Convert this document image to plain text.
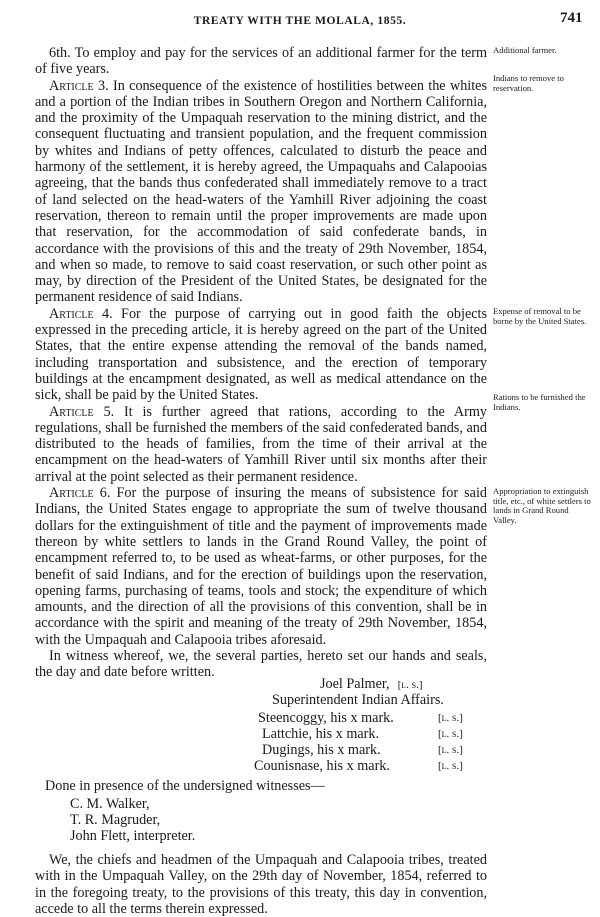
TREATY WITH THE MOLALA, 1855.	741
Additional farmer.
Indians to remove to reservation.
Expense of removal to be borne by the United States.
Rations to be furnished the Indians.
Appropriation to extinguish title, etc., of white settlers to lands in Grand Round Valley.

6th. To employ and pay for the services of an additional farmer for the term of five years.

Article 3. In consequence of the existence of hostilities between the whites and a portion of the Indian tribes in Southern Oregon and Northern California, and the proximity of the Umpaquah reservation to the mining district, and the consequent fluctuating and transient population, and the frequent commission by whites and Indians of petty offences, calculated to disturb the peace and harmony of the settlement, it is hereby agreed, the Umpaquahs and Calapooias agreeing, that the bands thus confederated shall immediately remove to a tract of land selected on the head-waters of the Yamhill River adjoining the coast reservation, thereon to remain until the proper improvements are made upon that reservation, for the accommodation of said confederate bands, in accordance with the provisions of this and the treaty of 29th November, 1854, and when so made, to remove to said coast reservation, or such other point as may, by direction of the President of the United States, be designated for the permanent residence of said Indians.

Article 4. For the purpose of carrying out in good faith the objects expressed in the preceding article, it is hereby agreed on the part of the United States, that the entire expense attending the removal of the bands named, including transportation and subsistence, and the erection of temporary buildings at the encampment designated, as well as medical attendance on the sick, shall be paid by the United States.

Article 5. It is further agreed that rations, according to the Army regulations, shall be furnished the members of the said confederated bands, and distributed to the heads of families, from the time of their arrival at the encampment on the head-waters of Yamhill River until six months after their arrival at the point selected as their permanent residence.

Article 6. For the purpose of insuring the means of subsistence for said Indians, the United States engage to appropriate the sum of twelve thousand dollars for the extinguishment of title and the payment of improvements made thereon by white settlers to lands in the Grand Round Valley, the point of encampment referred to, to be used as wheat-farms, or other purposes, for the benefit of said Indians, and for the erection of buildings upon the reservation, opening farms, purchasing of teams, tools and stock; the expenditure of which amounts, and the direction of all the provisions of this convention, shall be in accordance with the spirit and meaning of the treaty of 29th November, 1854, with the Umpaquah and Calapooia tribes aforesaid.

In witness whereof, we, the several parties, hereto set our hands and seals, the day and date before written.

Joel Palmer, [l. s.]
Superintendent Indian Affairs.
Steencoggy, his x mark.	[l. s.]
Lattchie, his x mark.	[l. s.]
Dugings, his x mark.	[l. s.]
Counisnase, his x mark.	[l. s.]
Done in presence of the undersigned witnesses—
C. M. Walker,
T. R. Magruder,
John Flett, interpreter.

We, the chiefs and headmen of the Umpaquah and Calapooia tribes, treated with in the Umpaquah Valley, on the 29th day of November, 1854, referred to in the foregoing treaty, to the provisions of this treaty, this day in convention, accede to all the terms therein expressed.
